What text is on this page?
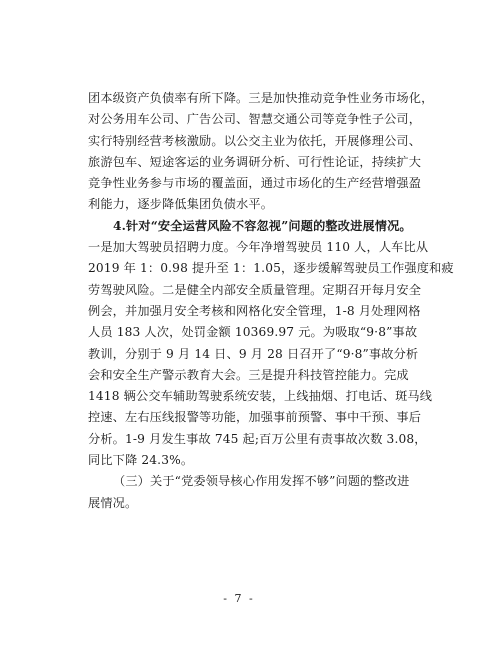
团本级资产负债率有所下降。三是加快推动竞争性业务市场化，
对公务用车公司、广告公司、智慧交通公司等竞争性子公司，
实行特别经营考核激励。以公交主业为依托，开展修理公司、
旅游包车、短途客运的业务调研分析、可行性论证，持续扩大
竞争性业务参与市场的覆盖面，通过市场化的生产经营增强盈
利能力，逐步降低集团负债水平。
4.针对“安全运营风险不容忽视”问题的整改进展情况。
一是加大驾驶员招聘力度。今年净增驾驶员 110 人，人车比从
2019 年 1：0.98 提升至 1：1.05，逐步缓解驾驶员工作强度和疲
劳驾驶风险。二是健全内部安全质量管理。定期召开每月安全
例会，并加强月安全考核和网格化安全管理，1-8 月处理网格
人员 183 人次，处罚金额 10369.97 元。为吸取“9·8”事故
教训，分别于 9 月 14 日、9 月 28 日召开了“9·8”事故分析
会和安全生产警示教育大会。三是提升科技管控能力。完成
1418 辆公交车辅助驾驶系统安装，上线抽烟、打电话、斑马线
控速、左右压线报警等功能，加强事前预警、事中干预、事后
分析。1-9 月发生事故 745 起;百万公里有责事故次数 3.08，
同比下降 24.3%。
（三）关于“党委领导核心作用发挥不够”问题的整改进
展情况。
- 7 -
